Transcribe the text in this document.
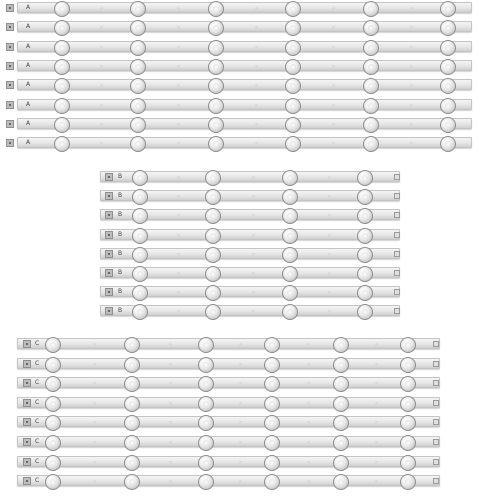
A
A
A
A
A
A
A
A
B
B
B
B
B
B
B
B
C
C
C
C
C
C
C
C
